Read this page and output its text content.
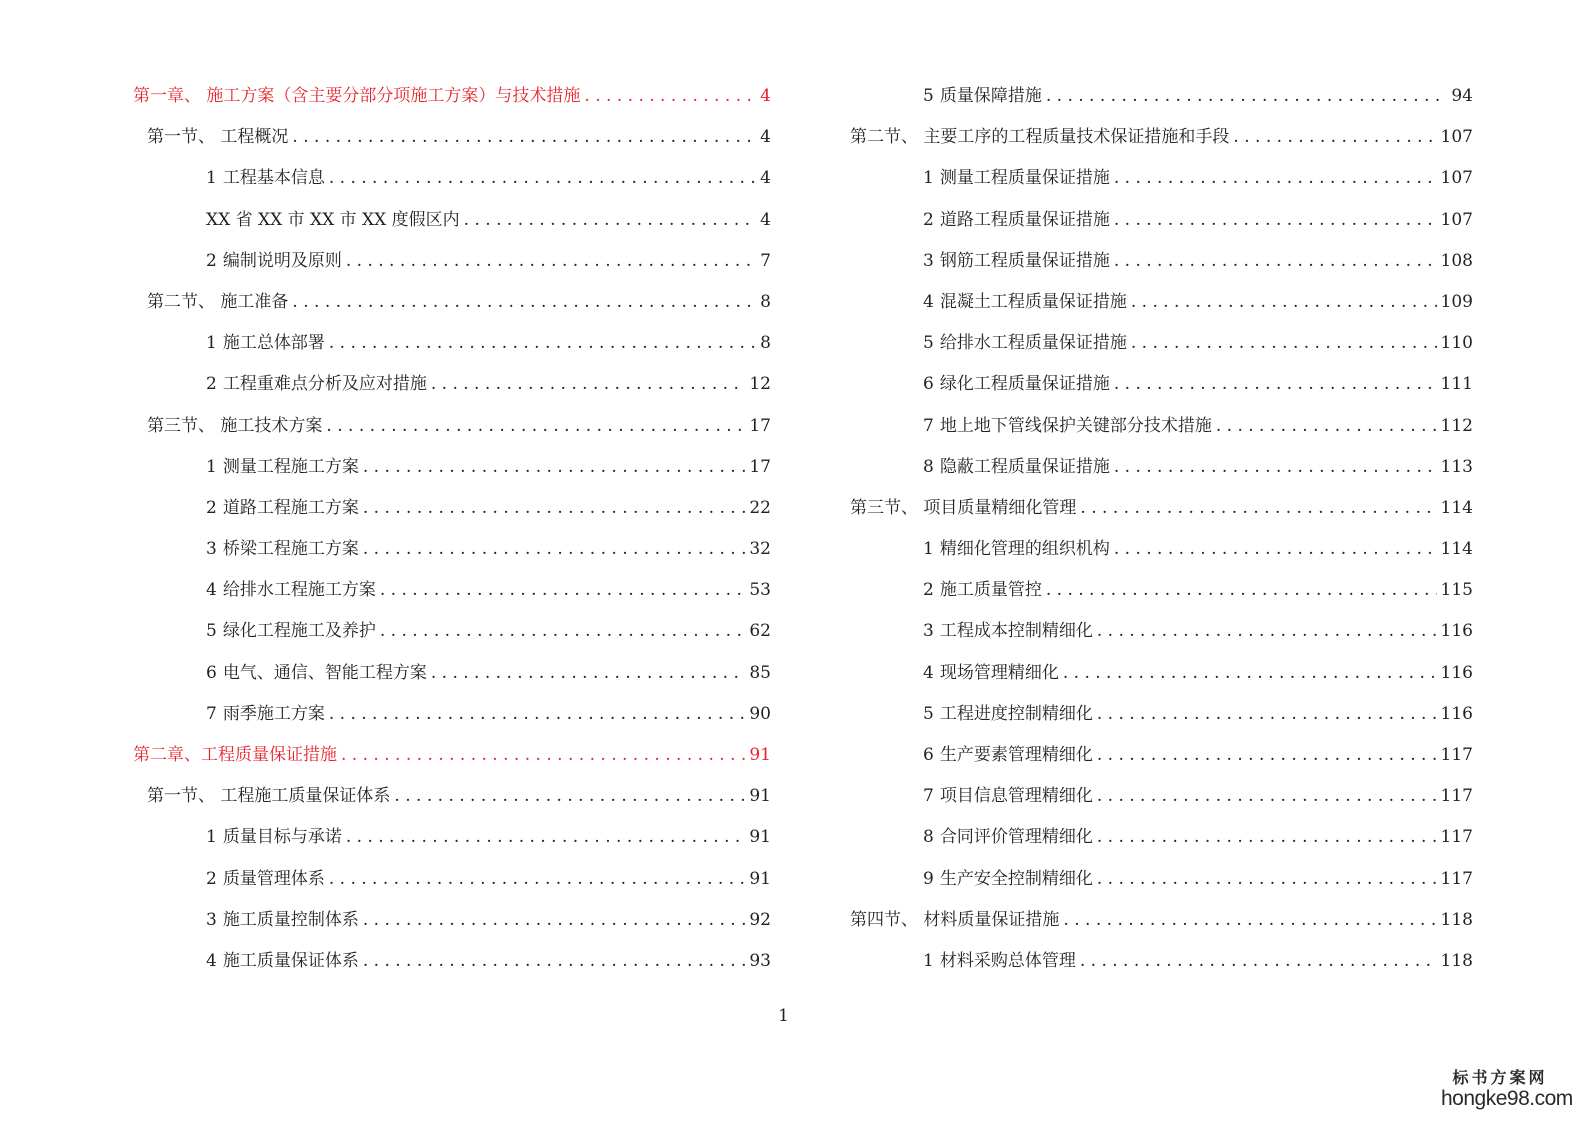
第一章、 施工方案（含主要分部分项施工方案）与技术措施 . . .	4
第一节、 工程概况 . . .	4
1 工程基本信息 . . .	4
XX 省 XX 市 XX 市 XX 度假区内 . . .	4
2 编制说明及原则 . . .	7
第二节、 施工准备 . . .	8
1 施工总体部署 . . .	8
2 工程重难点分析及应对措施 . . .	12
第三节、 施工技术方案 . . .	17
1 测量工程施工方案 . . .	17
2 道路工程施工方案 . . .	22
3 桥梁工程施工方案 . . .	32
4 给排水工程施工方案 . . .	53
5 绿化工程施工及养护 . . .	62
6 电气、通信、智能工程方案 . . .	85
7 雨季施工方案 . . .	90
第二章、工程质量保证措施 . . .	91
第一节、 工程施工质量保证体系 . . .	91
1 质量目标与承诺 . . .	91
2 质量管理体系 . . .	91
3 施工质量控制体系 . . .	92
4 施工质量保证体系 . . .	93
5 质量保障措施 . . .	94
第二节、 主要工序的工程质量技术保证措施和手段 . . .	107
1 测量工程质量保证措施 . . .	107
2 道路工程质量保证措施 . . .	107
3 钢筋工程质量保证措施 . . .	108
4 混凝土工程质量保证措施 . . .	109
5 给排水工程质量保证措施 . . .	110
6 绿化工程质量保证措施 . . .	111
7 地上地下管线保护关键部分技术措施 . . .	112
8 隐蔽工程质量保证措施 . . .	113
第三节、 项目质量精细化管理 . . .	114
1 精细化管理的组织机构 . . .	114
2 施工质量管控 . . .	115
3 工程成本控制精细化 . . .	116
4 现场管理精细化 . . .	116
5 工程进度控制精细化 . . .	116
6 生产要素管理精细化 . . .	117
7 项目信息管理精细化 . . .	117
8 合同评价管理精细化 . . .	117
9 生产安全控制精细化 . . .	117
第四节、 材料质量保证措施 . . .	118
1 材料采购总体管理 . . .	118
1
标书方案网
hongke98.com
